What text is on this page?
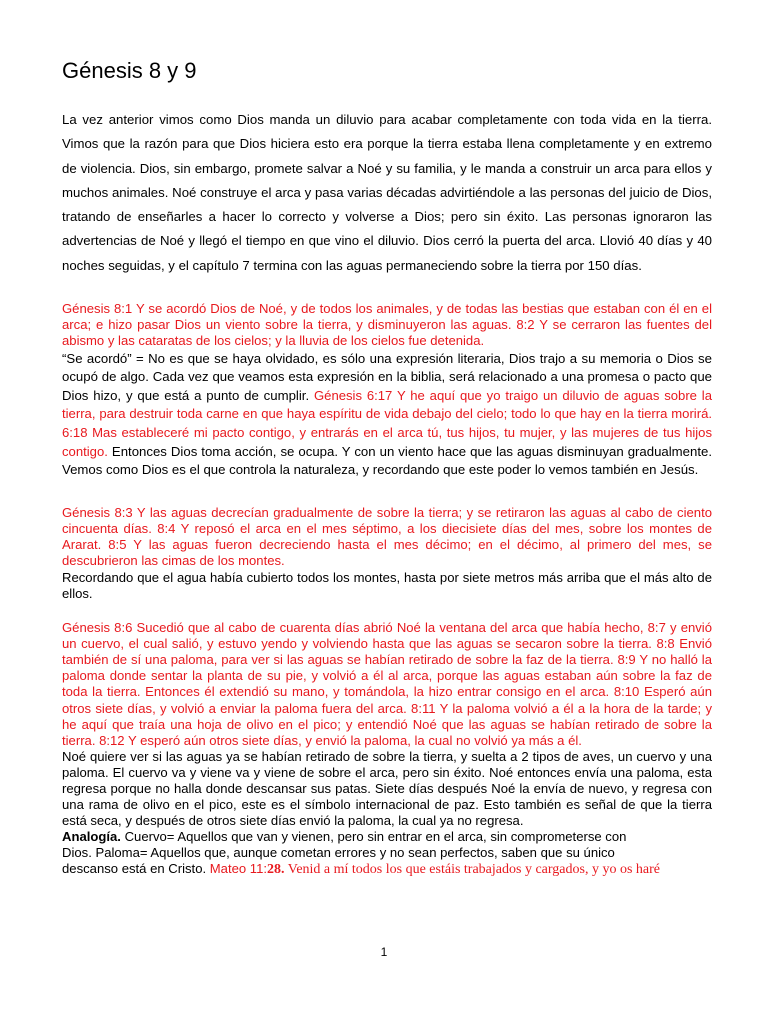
Génesis 8 y 9

La vez anterior vimos como Dios manda un diluvio para acabar completamente con toda vida en la tierra. Vimos que la razón para que Dios hiciera esto era porque la tierra estaba llena completamente y en extremo de violencia. Dios, sin embargo, promete salvar a Noé y su familia, y le manda a construir un arca para ellos y muchos animales. Noé construye el arca y pasa varias décadas advirtiéndole a las personas del juicio de Dios, tratando de enseñarles a hacer lo correcto y volverse a Dios; pero sin éxito. Las personas ignoraron las advertencias de Noé y llegó el tiempo en que vino el diluvio. Dios cerró la puerta del arca. Llovió 40 días y 40 noches seguidas, y el capítulo 7 termina con las aguas permaneciendo sobre la tierra por 150 días.

Génesis 8:1 Y se acordó Dios de Noé, y de todos los animales, y de todas las bestias que estaban con él en el arca; e hizo pasar Dios un viento sobre la tierra, y disminuyeron las aguas. 8:2 Y se cerraron las fuentes del abismo y las cataratas de los cielos; y la lluvia de los cielos fue detenida.

“Se acordó” = No es que se haya olvidado, es sólo una expresión literaria, Dios trajo a su memoria o Dios se ocupó de algo. Cada vez que veamos esta expresión en la biblia, será relacionado a una promesa o pacto que Dios hizo, y que está a punto de cumplir. Génesis 6:17 Y he aquí que yo traigo un diluvio de aguas sobre la tierra, para destruir toda carne en que haya espíritu de vida debajo del cielo; todo lo que hay en la tierra morirá. 6:18 Mas estableceré mi pacto contigo, y entrarás en el arca tú, tus hijos, tu mujer, y las mujeres de tus hijos contigo. Entonces Dios toma acción, se ocupa. Y con un viento hace que las aguas disminuyan gradualmente. Vemos como Dios es el que controla la naturaleza, y recordando que este poder lo vemos también en Jesús.

Génesis 8:3 Y las aguas decrecían gradualmente de sobre la tierra; y se retiraron las aguas al cabo de ciento cincuenta días. 8:4 Y reposó el arca en el mes séptimo, a los diecisiete días del mes, sobre los montes de Ararat. 8:5 Y las aguas fueron decreciendo hasta el mes décimo; en el décimo, al primero del mes, se descubrieron las cimas de los montes.

Recordando que el agua había cubierto todos los montes, hasta por siete metros más arriba que el más alto de ellos.

Génesis 8:6 Sucedió que al cabo de cuarenta días abrió Noé la ventana del arca que había hecho, 8:7 y envió un cuervo, el cual salió, y estuvo yendo y volviendo hasta que las aguas se secaron sobre la tierra. 8:8 Envió también de sí una paloma, para ver si las aguas se habían retirado de sobre la faz de la tierra. 8:9 Y no halló la paloma donde sentar la planta de su pie, y volvió a él al arca, porque las aguas estaban aún sobre la faz de toda la tierra. Entonces él extendió su mano, y tomándola, la hizo entrar consigo en el arca. 8:10 Esperó aún otros siete días, y volvió a enviar la paloma fuera del arca. 8:11 Y la paloma volvió a él a la hora de la tarde; y he aquí que traía una hoja de olivo en el pico; y entendió Noé que las aguas se habían retirado de sobre la tierra. 8:12 Y esperó aún otros siete días, y envió la paloma, la cual no volvió ya más a él.

Noé quiere ver si las aguas ya se habían retirado de sobre la tierra, y suelta a 2 tipos de aves, un cuervo y una paloma. El cuervo va y viene va y viene de sobre el arca, pero sin éxito. Noé entonces envía una paloma, esta regresa porque no halla donde descansar sus patas. Siete días después Noé la envía de nuevo, y regresa con una rama de olivo en el pico, este es el símbolo internacional de paz. Esto también es señal de que la tierra está seca, y después de otros siete días envió la paloma, la cual ya no regresa.

Analogía. Cuervo= Aquellos que van y vienen, pero sin entrar en el arca, sin comprometerse con
Dios. Paloma= Aquellos que, aunque cometan errores y no sean perfectos, saben que su único
descanso está en Cristo. Mateo 11:28. Venid a mí todos los que estáis trabajados y cargados, y yo os haré

1
